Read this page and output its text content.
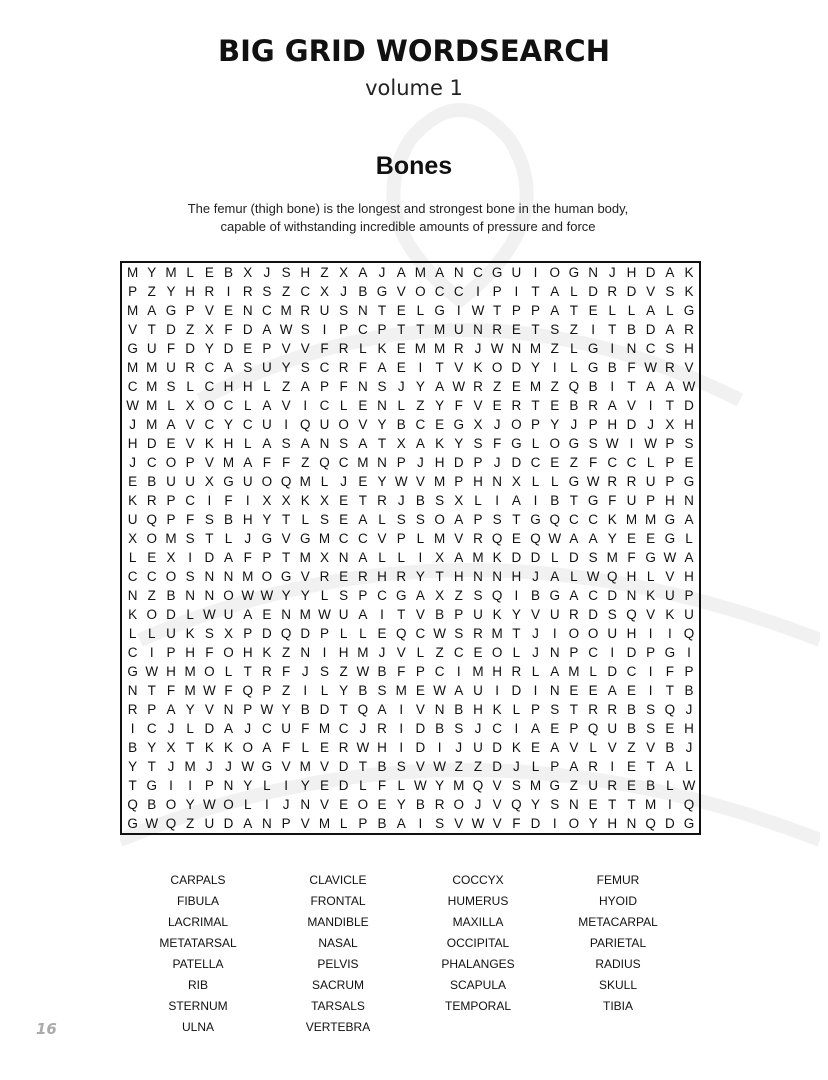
BIG GRID WORDSEARCH
volume 1
Bones
The femur (thigh bone) is the longest and strongest bone in the human body,
capable of withstanding incredible amounts of pressure and force
M Y M L E B X J S H Z X A J A M A N C G U I O G N J H D A K
P Z Y H R I R S Z C X J B G V O C C I P I T A L D R D V S K
M A G P V E N C M R U S N T E L G I W T P P A T E L L A L G
V T D Z X F D A W S I P C P T T M U N R E T S Z I T B D A R
G U F D Y D E P V V F R L K E M M R J W N M Z L G I N C S H
M M U R C A S U Y S C R F A E I T V K O D Y I	L G B F W R V
C M S L C H H L Z A P F N S J Y A W R Z E M Z Q B I T A A W
W M L X O C L A V I C L E N L Z Y F V E R T E B R A V I T D
J M A V C Y C U I Q U O V Y B C E G X J O P Y J P H D J X H
H D E V K H L A S A N S A T X A K Y S F G L O G S W I W P S
J C O P V M A F F Z Q C M N P J H D P J D C E Z F C C L P E
E B U U X G U O Q M L J E Y W V M P H N X L L G W R R U P G
K R P C I F I X X K X E T R J B S X L	I A I B T G F U P H N
U Q P F S B H Y T L S E A L S S O A P S T G Q C C K M M G A
X O M S T L J G V G M C C V P L M V R Q E Q W A A Y E E G L
L E X I D A F P T M X N A L L	I X A M K D D L D S M F G W A
C C O S N N M O G V R E R H R Y T H N N H J A L W Q H L V H
N Z B N N O W W Y Y L S P C G A X Z S Q I B G A C D N K U P
K O D L W U A E N M W U A I T V B P U K Y V U R D S Q V K U
L L U K S X P D Q D P L L E Q C W S R M T J	I O O U H I	I Q
C I P H F O H K Z N I H M J V L Z C E O L J N P C I D P G I
G W H M O L T R F J S Z W B F P C I M H R L A M L D C I F P
N T F M W F Q P Z I	L Y B S M E W A U I D I N E E A E I T B
R P A Y V N P W Y B D T Q A I V N B H K L P S T R R B S Q J
I C J L D A J C U F M C J R I D B S J C I A E P Q U B S E H
B Y X T K K O A F L E R W H I D I	J U D K E A V L V Z V B J
Y T J M J J W G V M V D T B S V W Z Z D J L P A R I E T A L
T G I	I P N Y L	I Y E D L F L W Y M Q V S M G Z U R E B L W
Q B O Y W O L	I	J N V E O E Y B R O J V Q Y S N E T T M I Q
G W Q Z U D A N P V M L P B A I S V W V F D I O Y H N Q D G
CARPALS	CLAVICLE	COCCYX	FEMUR
FIBULA	FRONTAL	HUMERUS	HYOID
LACRIMAL	MANDIBLE	MAXILLA	METACARPAL
METATARSAL	NASAL	OCCIPITAL	PARIETAL
PATELLA	PELVIS	PHALANGES	RADIUS
RIB	SACRUM	SCAPULA	SKULL
STERNUM	TARSALS	TEMPORAL	TIBIA
ULNA	VERTEBRA
16
